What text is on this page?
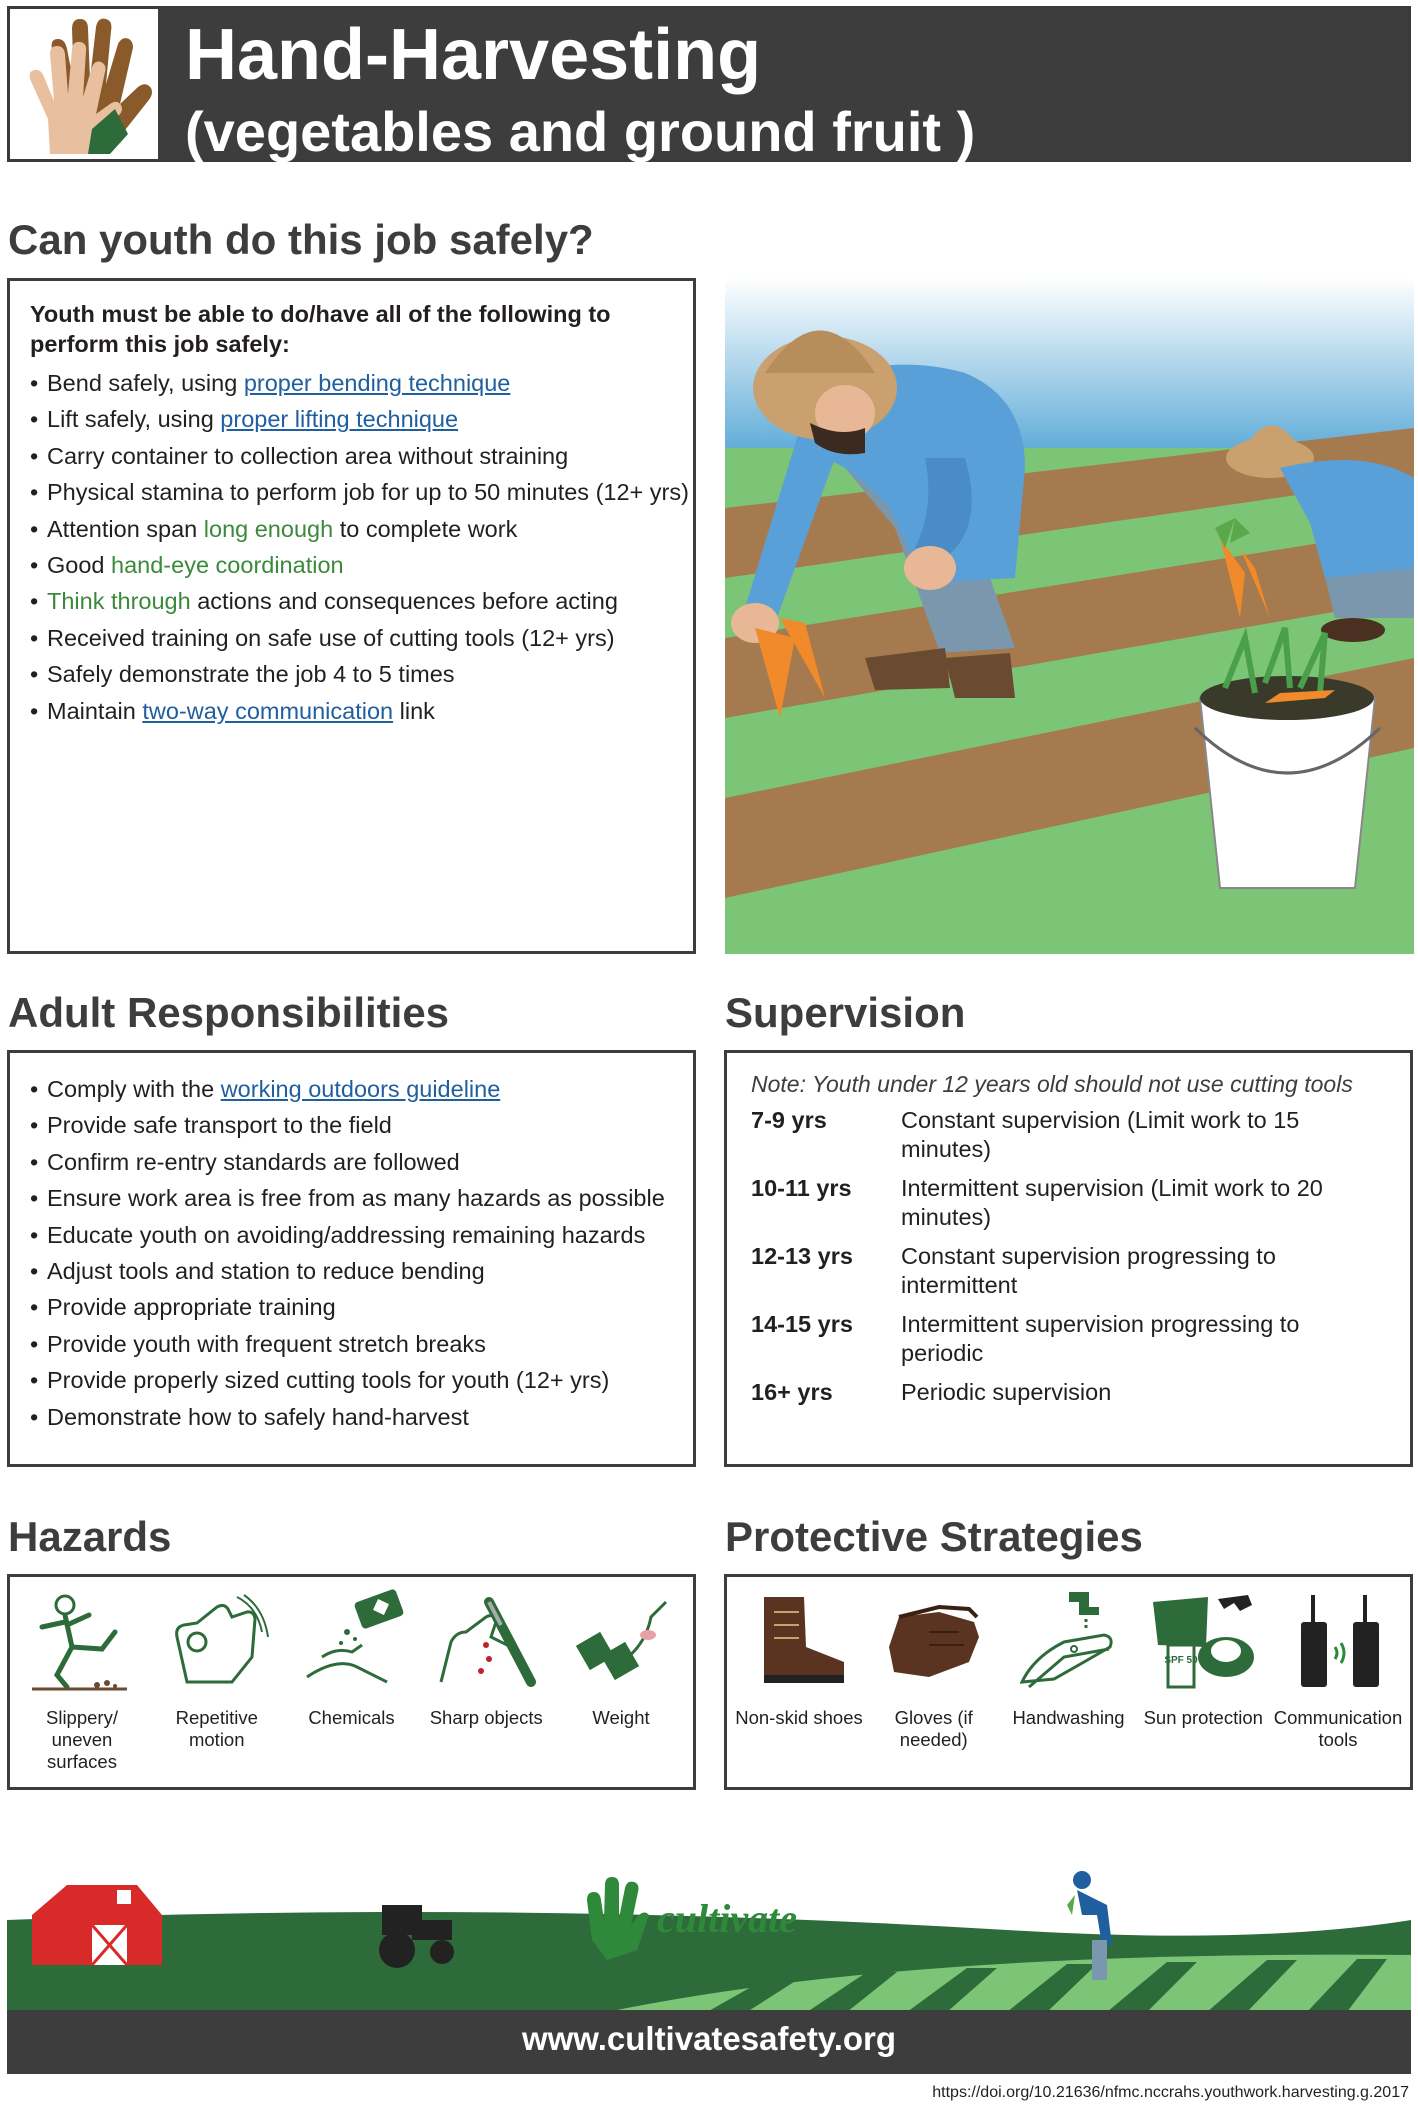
Hand-Harvesting
(vegetables and ground fruit )
Can youth do this job safely?
Youth must be able to do/have all of the following to perform this job safely:
• Bend safely, using proper bending technique
• Lift safely, using proper lifting technique
• Carry container to collection area without straining
• Physical stamina to perform job for up to 50 minutes (12+ yrs)
• Attention span long enough to complete work
• Good hand-eye coordination
• Think through actions and consequences before acting
• Received training on safe use of cutting tools (12+ yrs)
• Safely demonstrate the job 4 to 5 times
• Maintain two-way communication link
Adult Responsibilities
• Comply with the working outdoors guideline
• Provide safe transport to the field
• Confirm re-entry standards are followed
• Ensure work area is free from as many hazards as possible
• Educate youth on avoiding/addressing remaining hazards
• Adjust tools and station to reduce bending
• Provide appropriate training
• Provide youth with frequent stretch breaks
• Provide properly sized cutting tools for youth (12+ yrs)
• Demonstrate how to safely hand-harvest
Supervision
Note: Youth under 12 years old should not use cutting tools
7-9 yrs	Constant supervision (Limit work to 15 minutes)
10-11 yrs	Intermittent supervision (Limit work to 20 minutes)
12-13 yrs	Constant supervision progressing to intermittent
14-15 yrs	Intermittent supervision progressing to periodic
16+ yrs	Periodic supervision
Hazards
Slippery/ uneven surfaces
Repetitive motion
Chemicals	Sharp objects	Weight
Protective Strategies
Non-skid shoes	Gloves (if needed)
Handwashing
SPF 50
Sun protection Communication tools
cultivate
SAFETY
www.cultivatesafety.org
https://doi.org/10.21636/nfmc.nccrahs.youthwork.harvesting.g.2017
